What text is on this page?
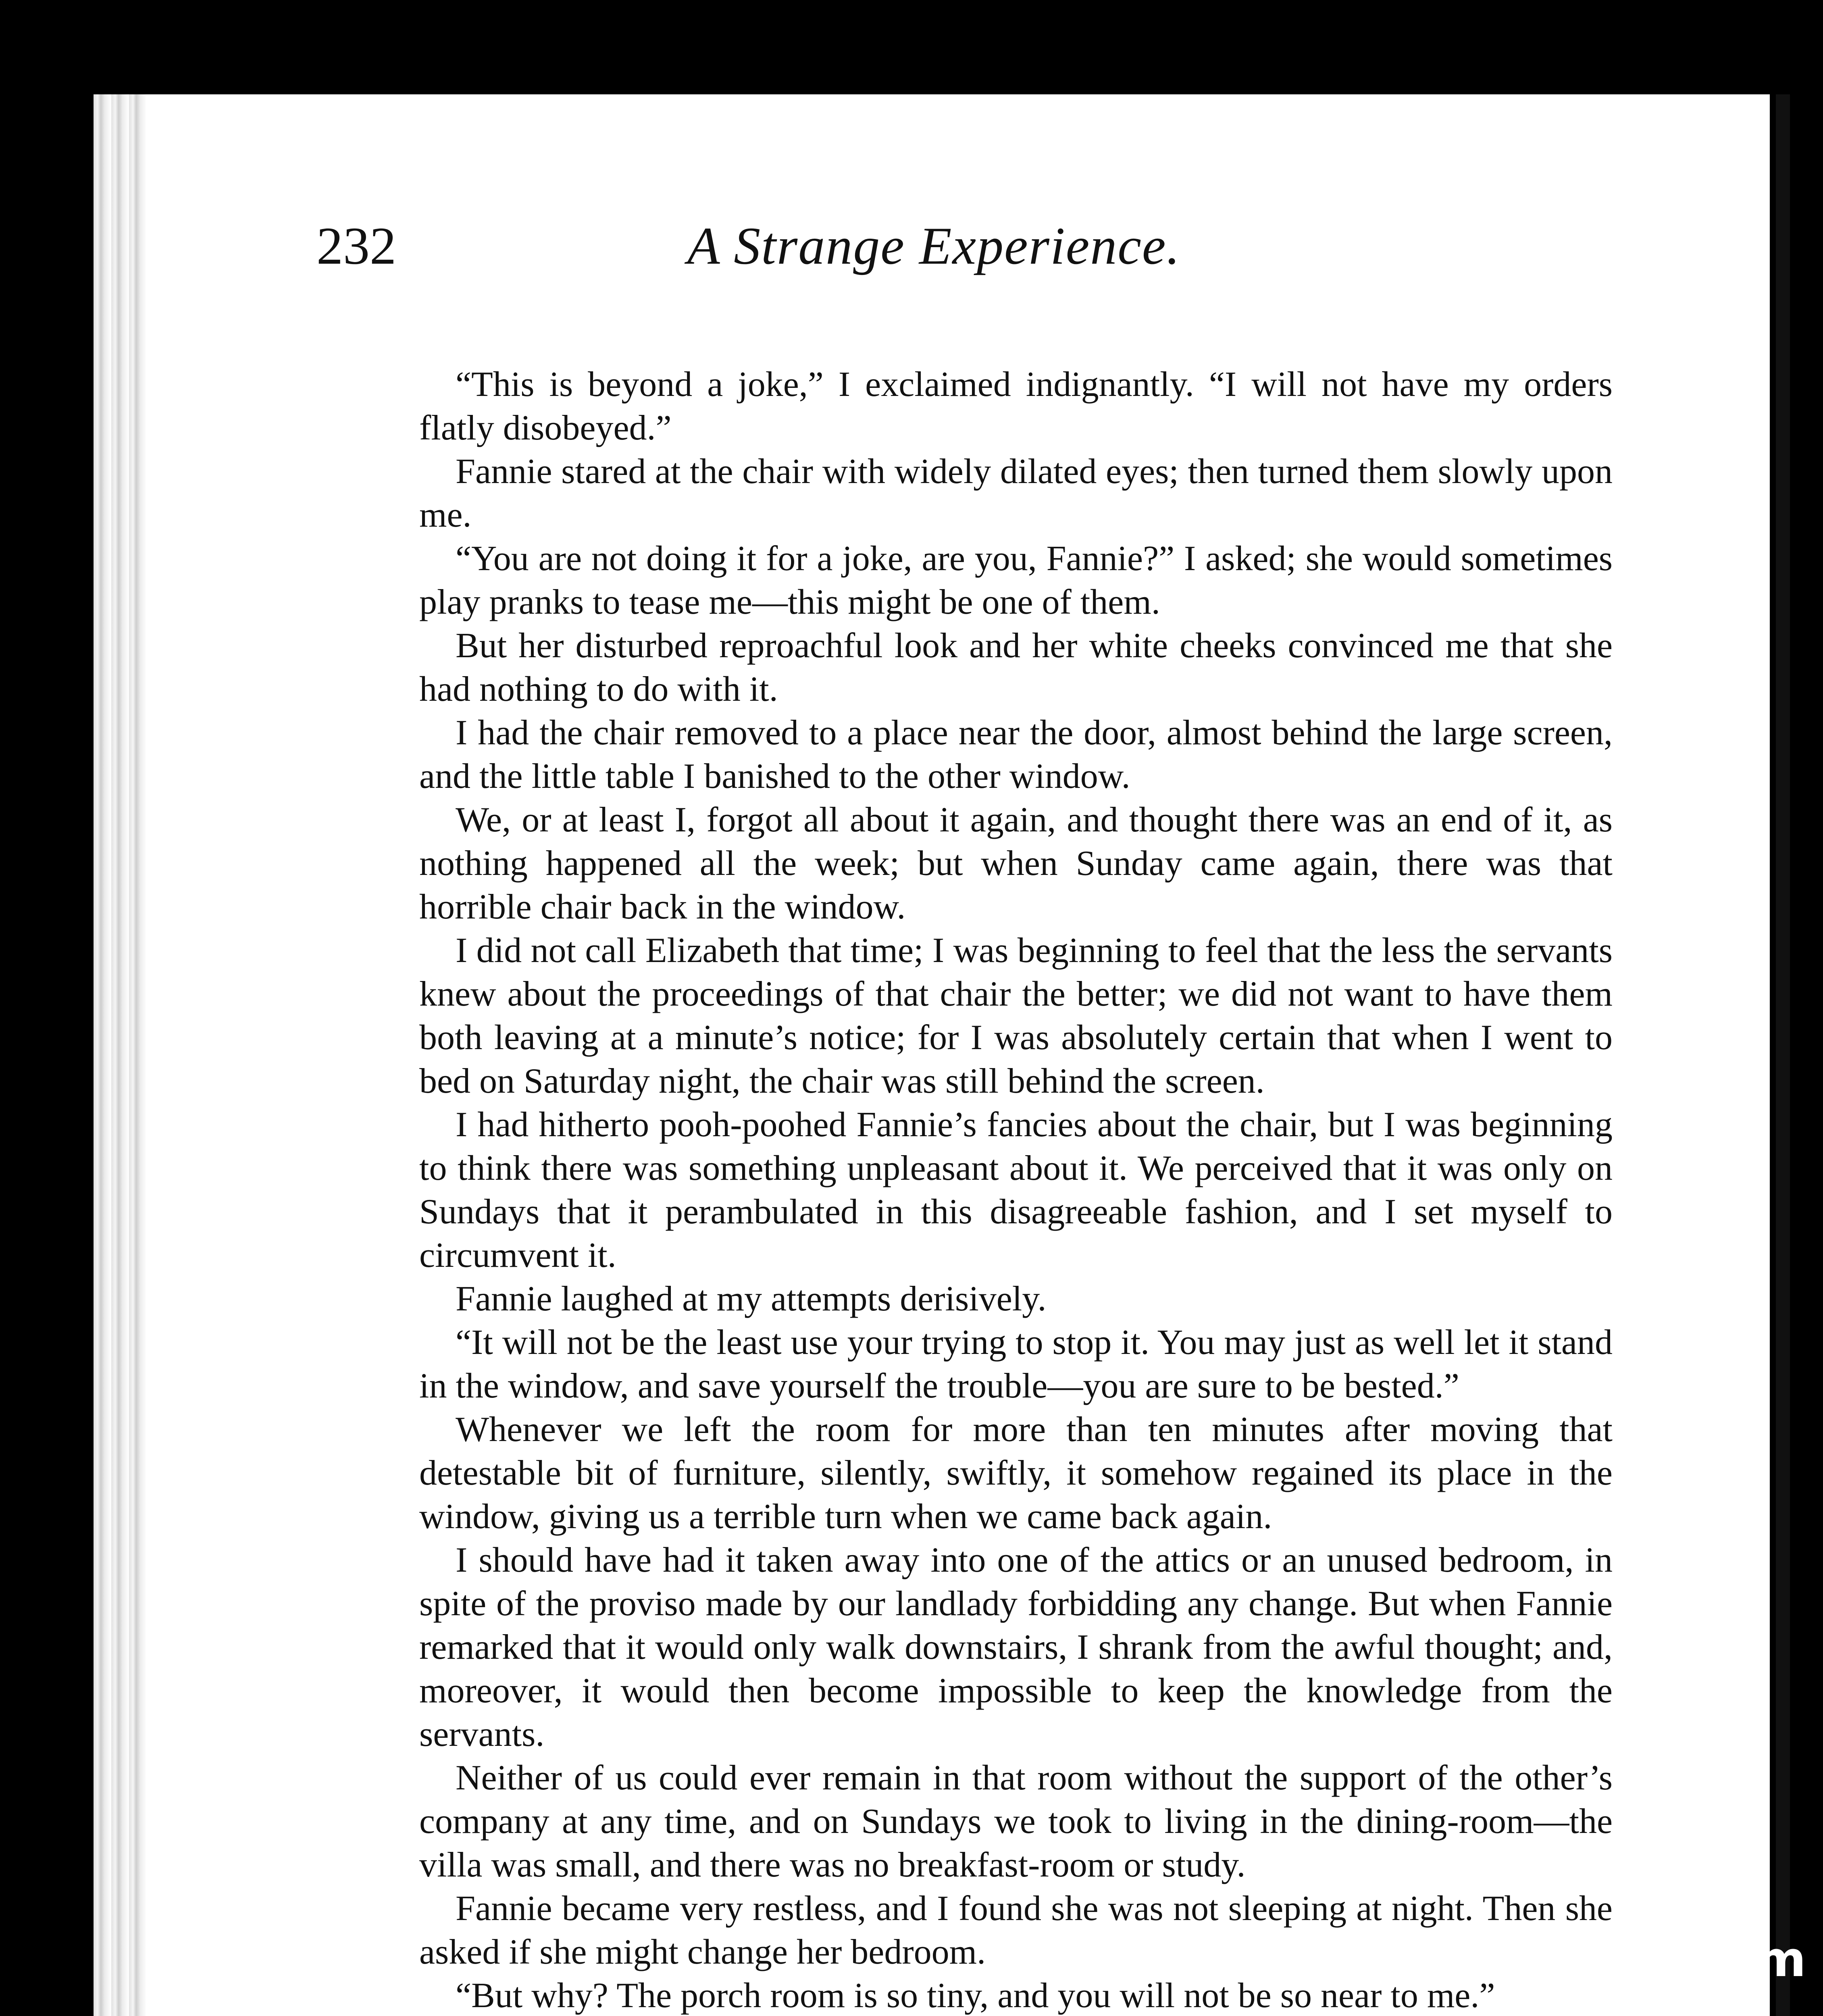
232	A Strange Experience.

“This is beyond a joke,” I exclaimed indignantly. “I will not have my orders flatly disobeyed.”

Fannie stared at the chair with widely dilated eyes; then turned them slowly upon me.

“You are not doing it for a joke, are you, Fannie?” I asked; she would sometimes play pranks to tease me—this might be one of them.

But her disturbed reproachful look and her white cheeks convinced me that she had nothing to do with it.

I had the chair removed to a place near the door, almost behind the large screen, and the little table I banished to the other window.

We, or at least I, forgot all about it again, and thought there was an end of it, as nothing happened all the week; but when Sunday came again, there was that horrible chair back in the window.

I did not call Elizabeth that time; I was beginning to feel that the less the servants knew about the proceedings of that chair the better; we did not want to have them both leaving at a minute’s notice; for I was absolutely certain that when I went to bed on Saturday night, the chair was still behind the screen.

I had hitherto pooh-poohed Fannie’s fancies about the chair, but I was beginning to think there was something unpleasant about it. We perceived that it was only on Sundays that it perambulated in this disagreeable fashion, and I set myself to circumvent it.

Fannie laughed at my attempts derisively.

“It will not be the least use your trying to stop it. You may just as well let it stand in the window, and save yourself the trouble—you are sure to be bested.”

Whenever we left the room for more than ten minutes after moving that detestable bit of furniture, silently, swiftly, it somehow regained its place in the window, giving us a terrible turn when we came back again.

I should have had it taken away into one of the attics or an unused bedroom, in spite of the proviso made by our landlady forbidding any change. But when Fannie remarked that it would only walk downstairs, I shrank from the awful thought; and, moreover, it would then become impossible to keep the knowledge from the servants.

Neither of us could ever remain in that room without the support of the other’s company at any time, and on Sundays we took to living in the dining-room—the villa was small, and there was no breakfast-room or study.

Fannie became very restless, and I found she was not sleeping at night. Then she asked if she might change her bedroom.

“But why? The porch room is so tiny, and you will not be so near to me.”

comicbooks.com
